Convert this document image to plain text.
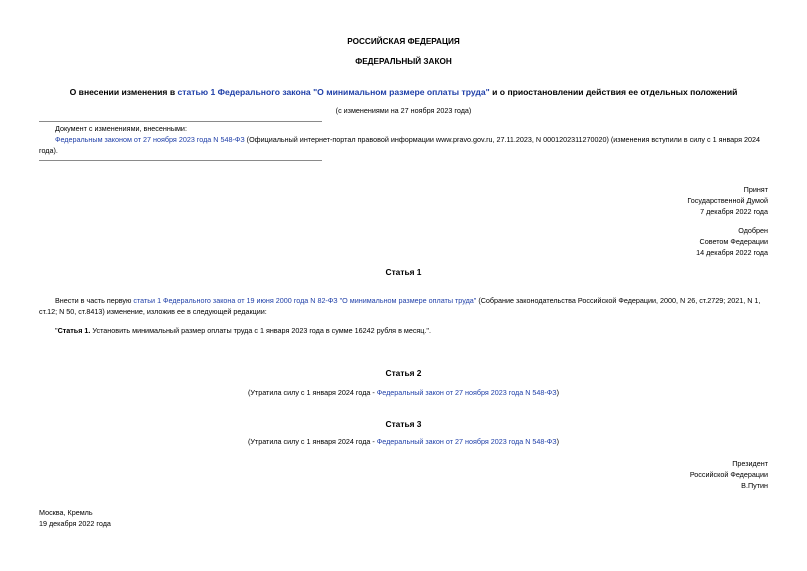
РОССИЙСКАЯ ФЕДЕРАЦИЯ
ФЕДЕРАЛЬНЫЙ ЗАКОН
О внесении изменения в статью 1 Федерального закона "О минимальном размере оплаты труда" и о приостановлении действия ее отдельных положений
(с изменениями на 27 ноября 2023 года)
Документ с изменениями, внесенными:
Федеральным законом от 27 ноября 2023 года N 548-ФЗ (Официальный интернет-портал правовой информации www.pravo.gov.ru, 27.11.2023, N 0001202311270020) (изменения вступили в силу с 1 января 2024 года).
Принят
Государственной Думой
7 декабря 2022 года
Одобрен
Советом Федерации
14 декабря 2022 года
Статья 1
Внести в часть первую статьи 1 Федерального закона от 19 июня 2000 года N 82-ФЗ "О минимальном размере оплаты труда" (Собрание законодательства Российской Федерации, 2000, N 26, ст.2729; 2021, N 1, ст.12; N 50, ст.8413) изменение, изложив ее в следующей редакции:
"Статья 1. Установить минимальный размер оплаты труда с 1 января 2023 года в сумме 16242 рубля в месяц.".
Статья 2
(Утратила силу с 1 января 2024 года - Федеральный закон от 27 ноября 2023 года N 548-ФЗ)
Статья 3
(Утратила силу с 1 января 2024 года - Федеральный закон от 27 ноября 2023 года N 548-ФЗ)
Президент
Российской Федерации
В.Путин
Москва, Кремль
19 декабря 2022 года
